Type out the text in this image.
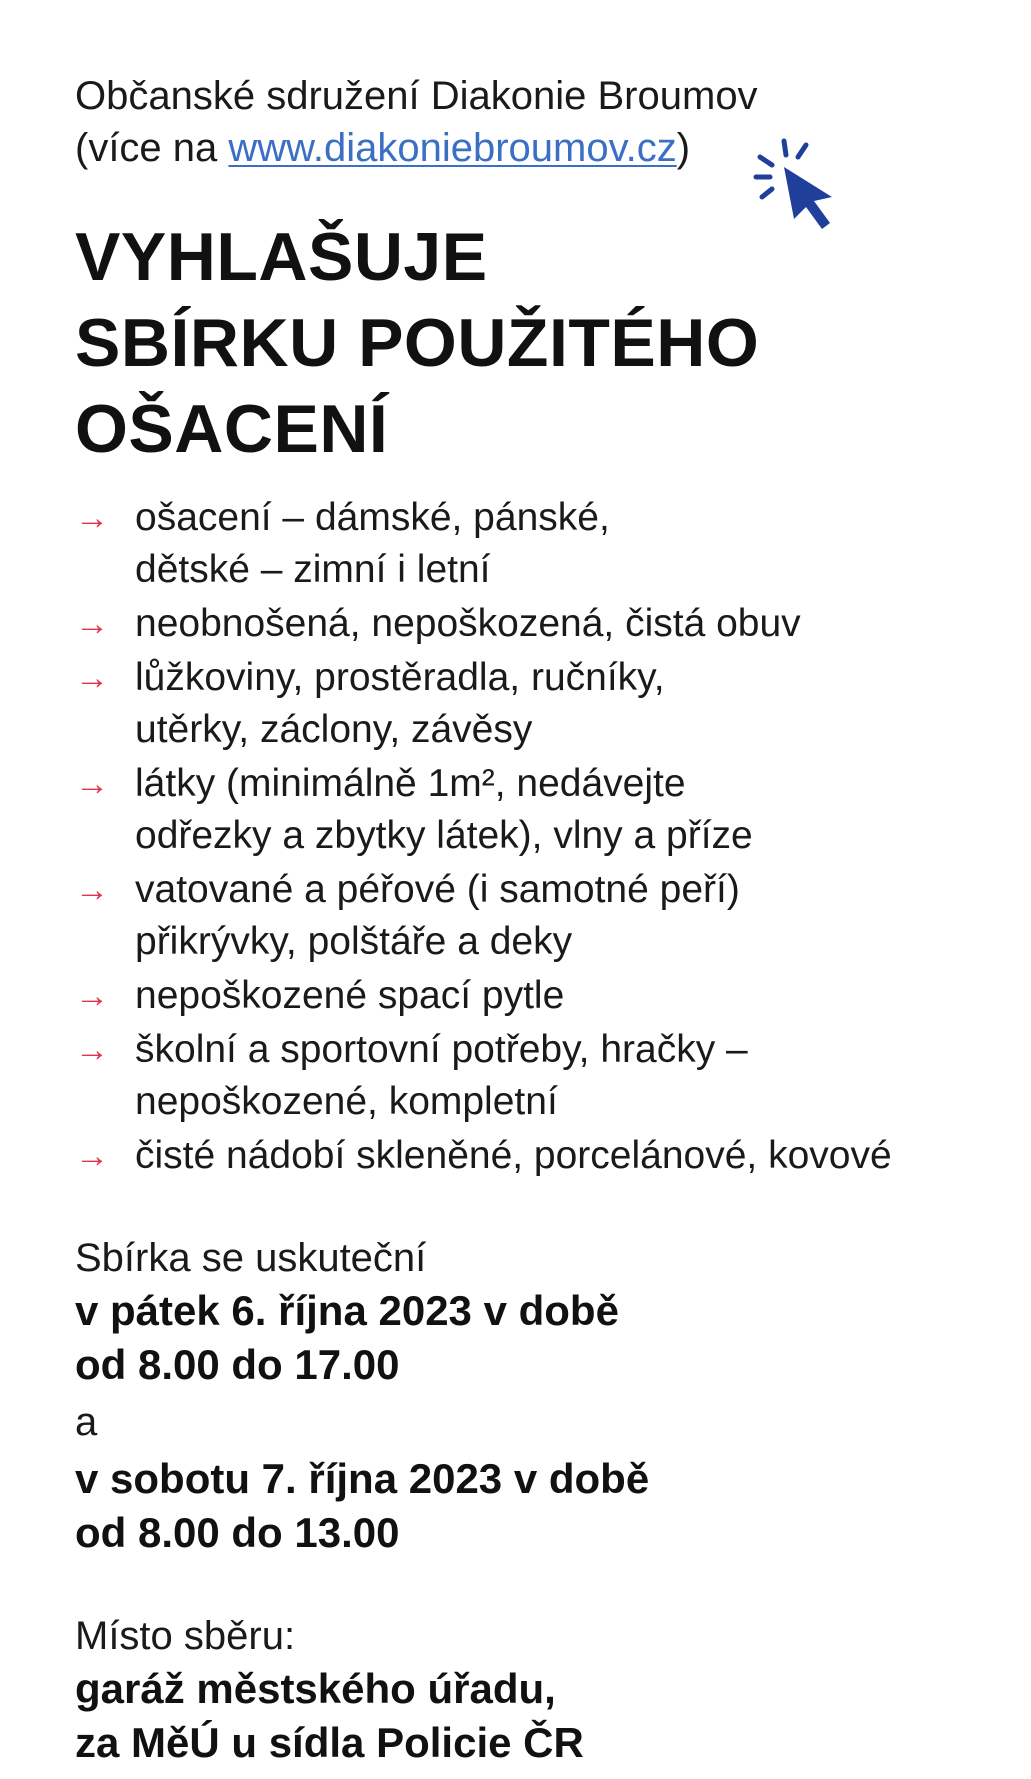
Občanské sdružení Diakonie Broumov
(více na www.diakoniebroumov.cz)
VYHLAŠUJE
SBÍRKU POUŽITÉHO
OŠACENÍ
→ ošacení – dámské, pánské,
dětské – zimní i letní
→ neobnošená, nepoškozená, čistá obuv
→ lůžkoviny, prostěradla, ručníky,
utěrky, záclony, závěsy
→ látky (minimálně 1m², nedávejte
odřezky a zbytky látek), vlny a příze
→ vatované a péřové (i samotné peří)
přikrývky, polštáře a deky
→ nepoškozené spací pytle
→ školní a sportovní potřeby, hračky –
nepoškozené, kompletní
→ čisté nádobí skleněné, porcelánové, kovové
Sbírka se uskuteční
v pátek 6. října 2023 v době
od 8.00 do 17.00
a
v sobotu 7. října 2023 v době
od 8.00 do 13.00
Místo sběru:
garáž městského úřadu,
za MěÚ u sídla Policie ČR
